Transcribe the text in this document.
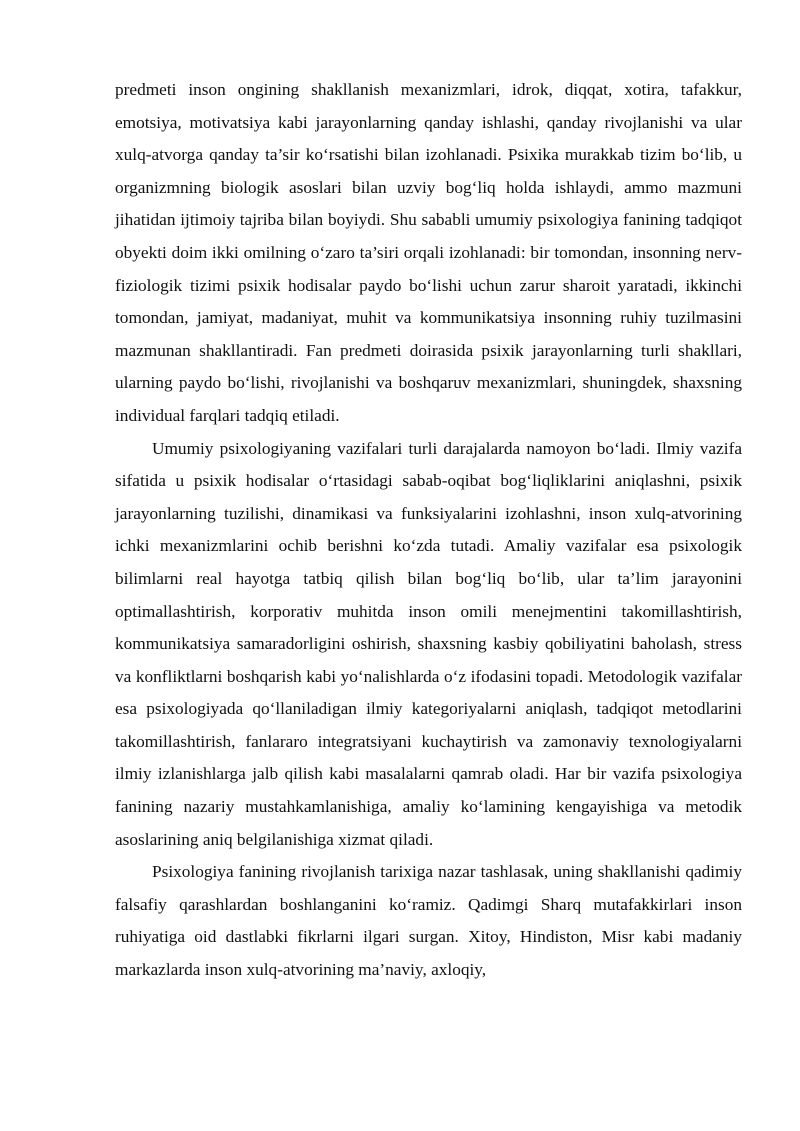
predmeti inson ongining shakllanish mexanizmlari, idrok, diqqat, xotira, tafakkur, emotsiya, motivatsiya kabi jarayonlarning qanday ishlashi, qanday rivojlanishi va ular xulq-atvorga qanday ta’sir ko‘rsatishi bilan izohlanadi. Psixika murakkab tizim bo‘lib, u organizmning biologik asoslari bilan uzviy bog‘liq holda ishlaydi, ammo mazmuni jihatidan ijtimoiy tajriba bilan boyiydi. Shu sababli umumiy psixologiya fanining tadqiqot obyekti doim ikki omilning o‘zaro ta’siri orqali izohlanadi: bir tomondan, insonning nerv-fiziologik tizimi psixik hodisalar paydo bo‘lishi uchun zarur sharoit yaratadi, ikkinchi tomondan, jamiyat, madaniyat, muhit va kommunikatsiya insonning ruhiy tuzilmasini mazmunan shakllantiradi. Fan predmeti doirasida psixik jarayonlarning turli shakllari, ularning paydo bo‘lishi, rivojlanishi va boshqaruv mexanizmlari, shuningdek, shaxsning individual farqlari tadqiq etiladi.

Umumiy psixologiyaning vazifalari turli darajalarda namoyon bo‘ladi. Ilmiy vazifa sifatida u psixik hodisalar o‘rtasidagi sabab-oqibat bog‘liqliklarini aniqlashni, psixik jarayonlarning tuzilishi, dinamikasi va funksiyalarini izohlashni, inson xulq-atvorining ichki mexanizmlarini ochib berishni ko‘zda tutadi. Amaliy vazifalar esa psixologik bilimlarni real hayotga tatbiq qilish bilan bog‘liq bo‘lib, ular ta’lim jarayonini optimallashtirish, korporativ muhitda inson omili menejmentini takomillashtirish, kommunikatsiya samaradorligini oshirish, shaxsning kasbiy qobiliyatini baholash, stress va konfliktlarni boshqarish kabi yo‘nalishlarda o‘z ifodasini topadi. Metodologik vazifalar esa psixologiyada qo‘llaniladigan ilmiy kategoriyalarni aniqlash, tadqiqot metodlarini takomillashtirish, fanlararo integratsiyani kuchaytirish va zamonaviy texnologiyalarni ilmiy izlanishlarga jalb qilish kabi masalalarni qamrab oladi. Har bir vazifa psixologiya fanining nazariy mustahkamlanishiga, amaliy ko‘lamining kengayishiga va metodik asoslarining aniq belgilanishiga xizmat qiladi.

Psixologiya fanining rivojlanish tarixiga nazar tashlasak, uning shakllanishi qadimiy falsafiy qarashlardan boshlanganini ko‘ramiz. Qadimgi Sharq mutafakkirlari inson ruhiyatiga oid dastlabki fikrlarni ilgari surgan. Xitoy, Hindiston, Misr kabi madaniy markazlarda inson xulq-atvorining ma’naviy, axloqiy,
